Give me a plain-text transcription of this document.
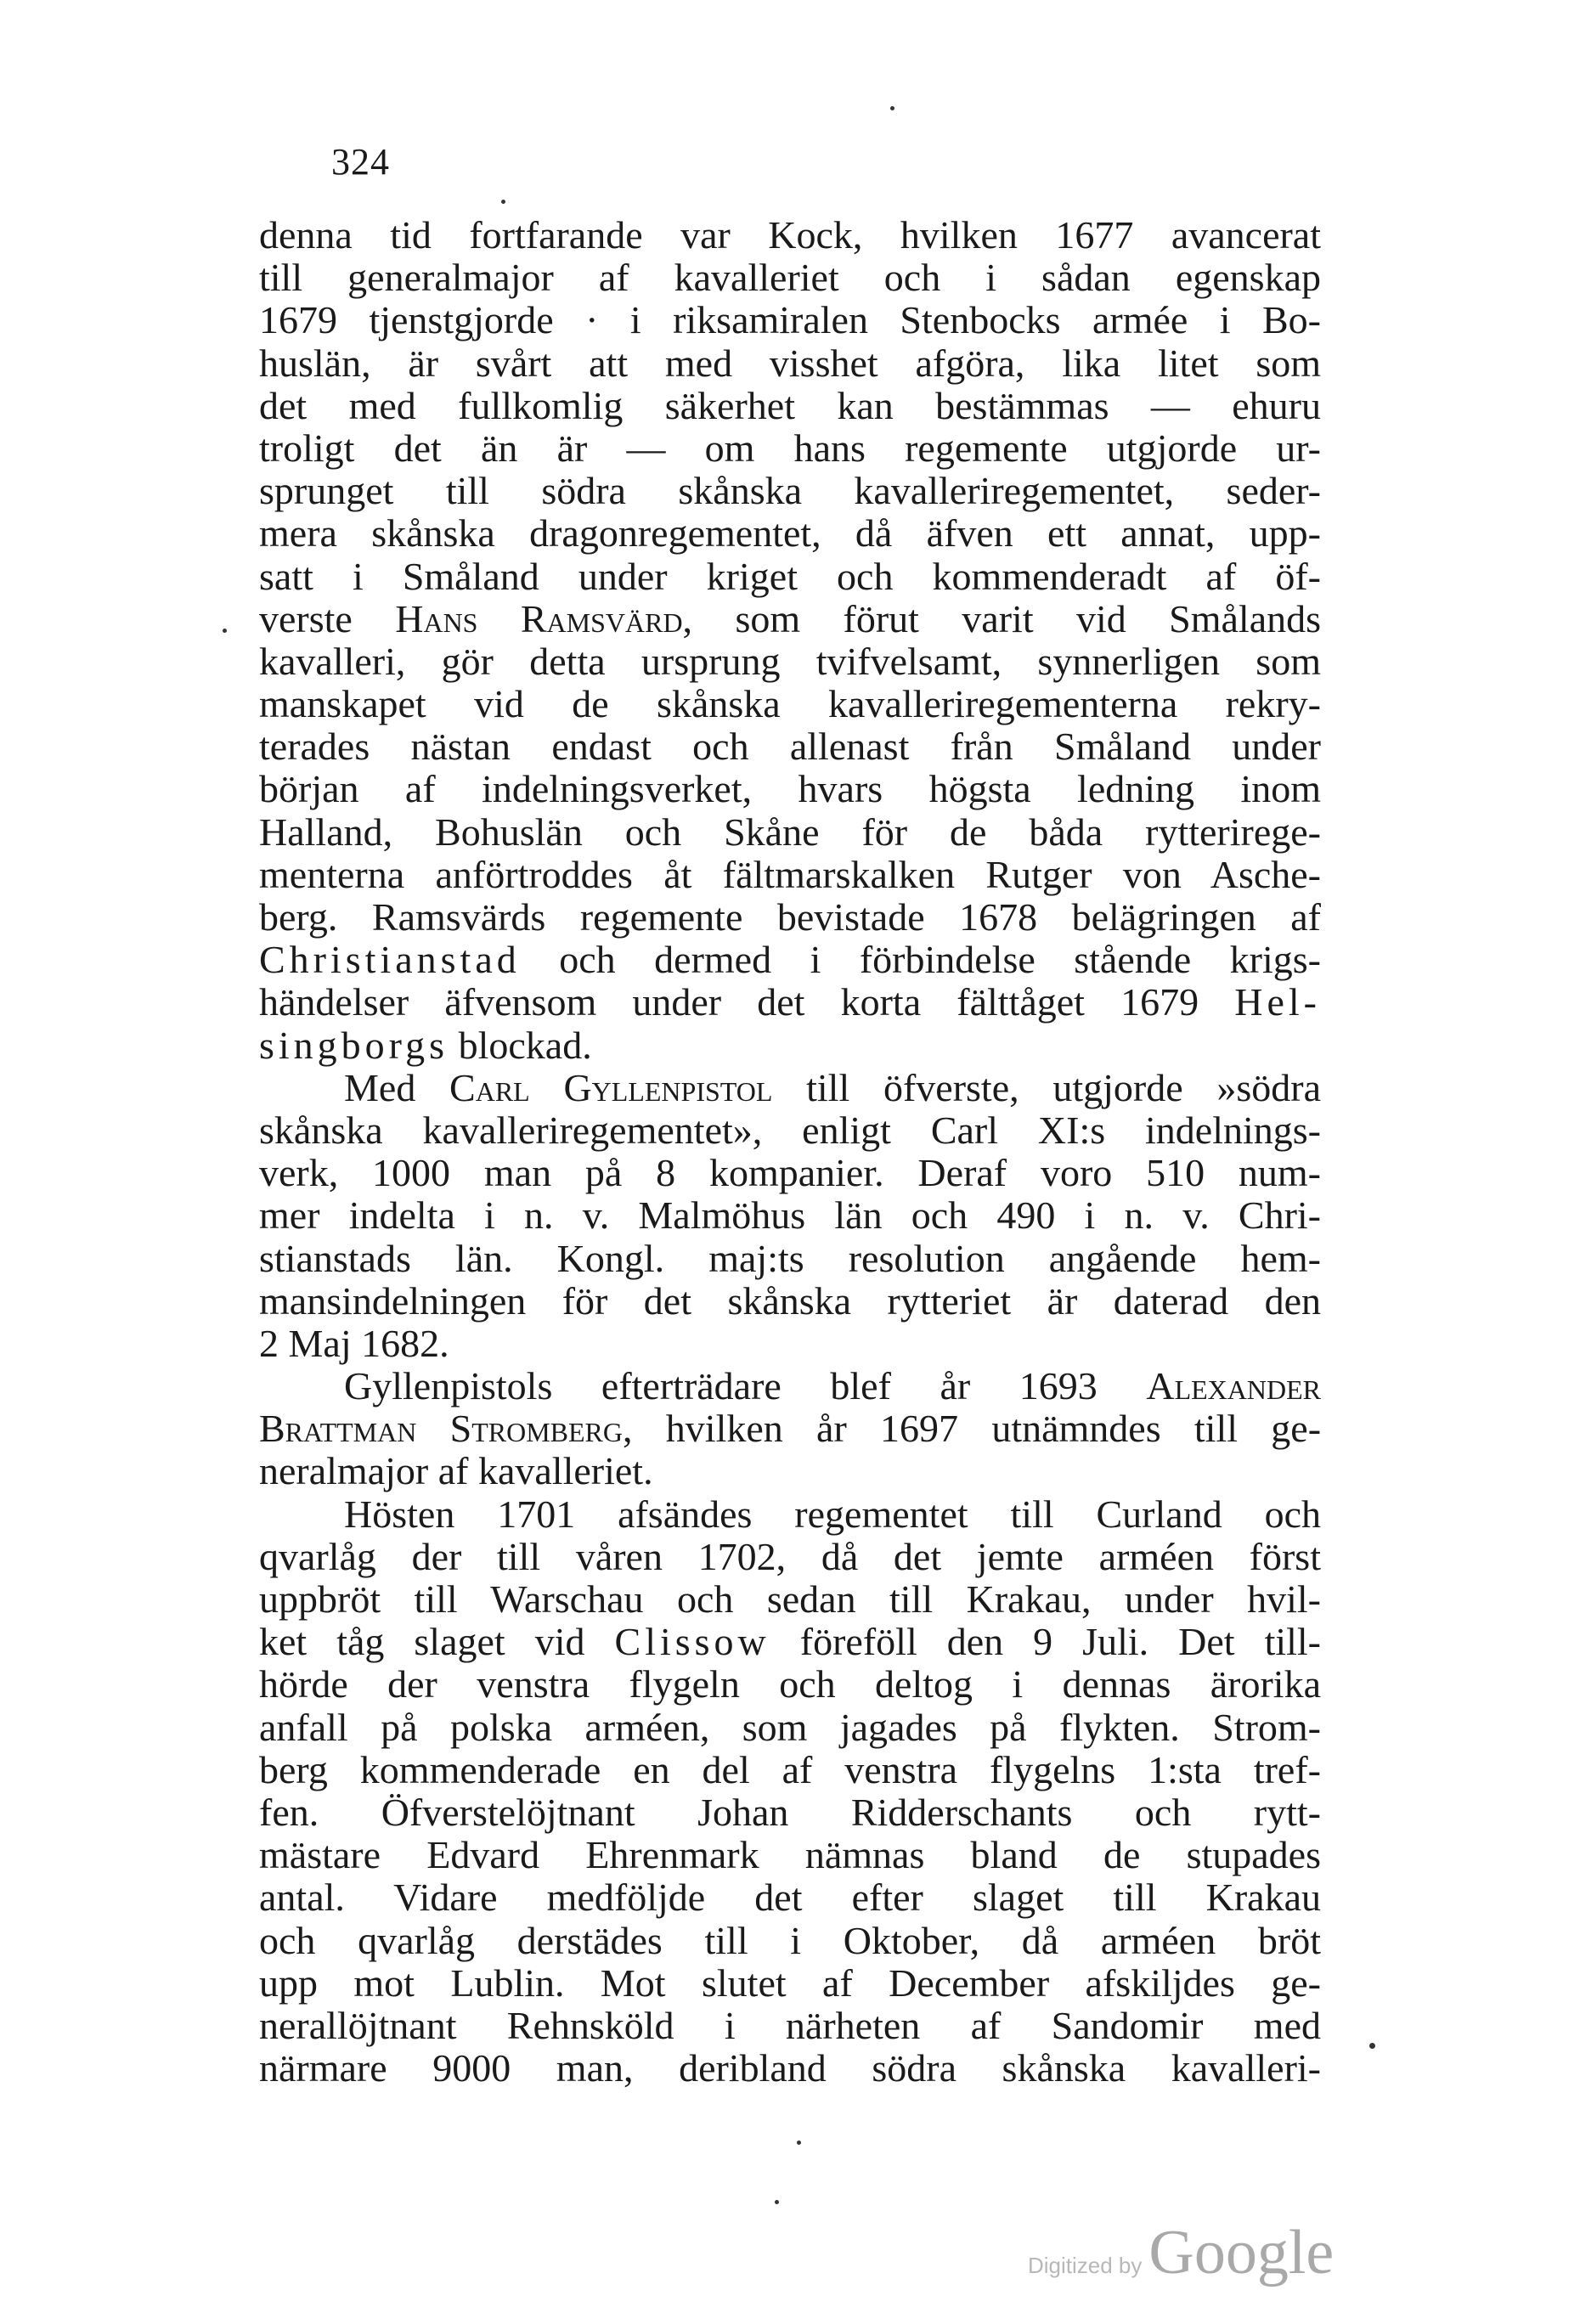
324
denna tid fortfarande var Kock, hvilken 1677 avancerat
till generalmajor af kavalleriet och i sådan egenskap
1679 tjenstgjorde · i riksamiralen Stenbocks armée i Bo-
huslän, är svårt att med visshet afgöra, lika litet som
det med fullkomlig säkerhet kan bestämmas — ehuru
troligt det än är — om hans regemente utgjorde ur-
sprunget till södra skånska kavalleriregementet, seder-
mera skånska dragonregementet, då äfven ett annat, upp-
satt i Småland under kriget och kommenderadt af öf-
verste Hans Ramsvärd, som förut varit vid Smålands
kavalleri, gör detta ursprung tvifvelsamt, synnerligen som
manskapet vid de skånska kavalleriregementerna rekry-
terades nästan endast och allenast från Småland under
början af indelningsverket, hvars högsta ledning inom
Halland, Bohuslän och Skåne för de båda rytterirege-
menterna anförtroddes åt fältmarskalken Rutger von Asche-
berg. Ramsvärds regemente bevistade 1678 belägringen af
Christianstad och dermed i förbindelse stående krigs-
händelser äfvensom under det korta fälttåget 1679 Hel-
singborgs blockad.
Med Carl Gyllenpistol till öfverste, utgjorde »södra
skånska kavalleriregementet», enligt Carl XI:s indelnings-
verk, 1000 man på 8 kompanier. Deraf voro 510 num-
mer indelta i n. v. Malmöhus län och 490 i n. v. Chri-
stianstads län. Kongl. maj:ts resolution angående hem-
mansindelningen för det skånska rytteriet är daterad den
2 Maj 1682.
Gyllenpistols efterträdare blef år 1693 Alexander
Brattman Stromberg, hvilken år 1697 utnämndes till ge-
neralmajor af kavalleriet.
Hösten 1701 afsändes regementet till Curland och
qvarlåg der till våren 1702, då det jemte arméen först
uppbröt till Warschau och sedan till Krakau, under hvil-
ket tåg slaget vid Clissow föreföll den 9 Juli. Det till-
hörde der venstra flygeln och deltog i dennas ärorika
anfall på polska arméen, som jagades på flykten. Strom-
berg kommenderade en del af venstra flygelns 1:sta tref-
fen. Öfverstelöjtnant Johan Ridderschants och rytt-
mästare Edvard Ehrenmark nämnas bland de stupades
antal. Vidare medföljde det efter slaget till Krakau
och qvarlåg derstädes till i Oktober, då arméen bröt
upp mot Lublin. Mot slutet af December afskiljdes ge-
nerallöjtnant Rehnsköld i närheten af Sandomir med
närmare 9000 man, deribland södra skånska kavalleri-
Digitized by Google
